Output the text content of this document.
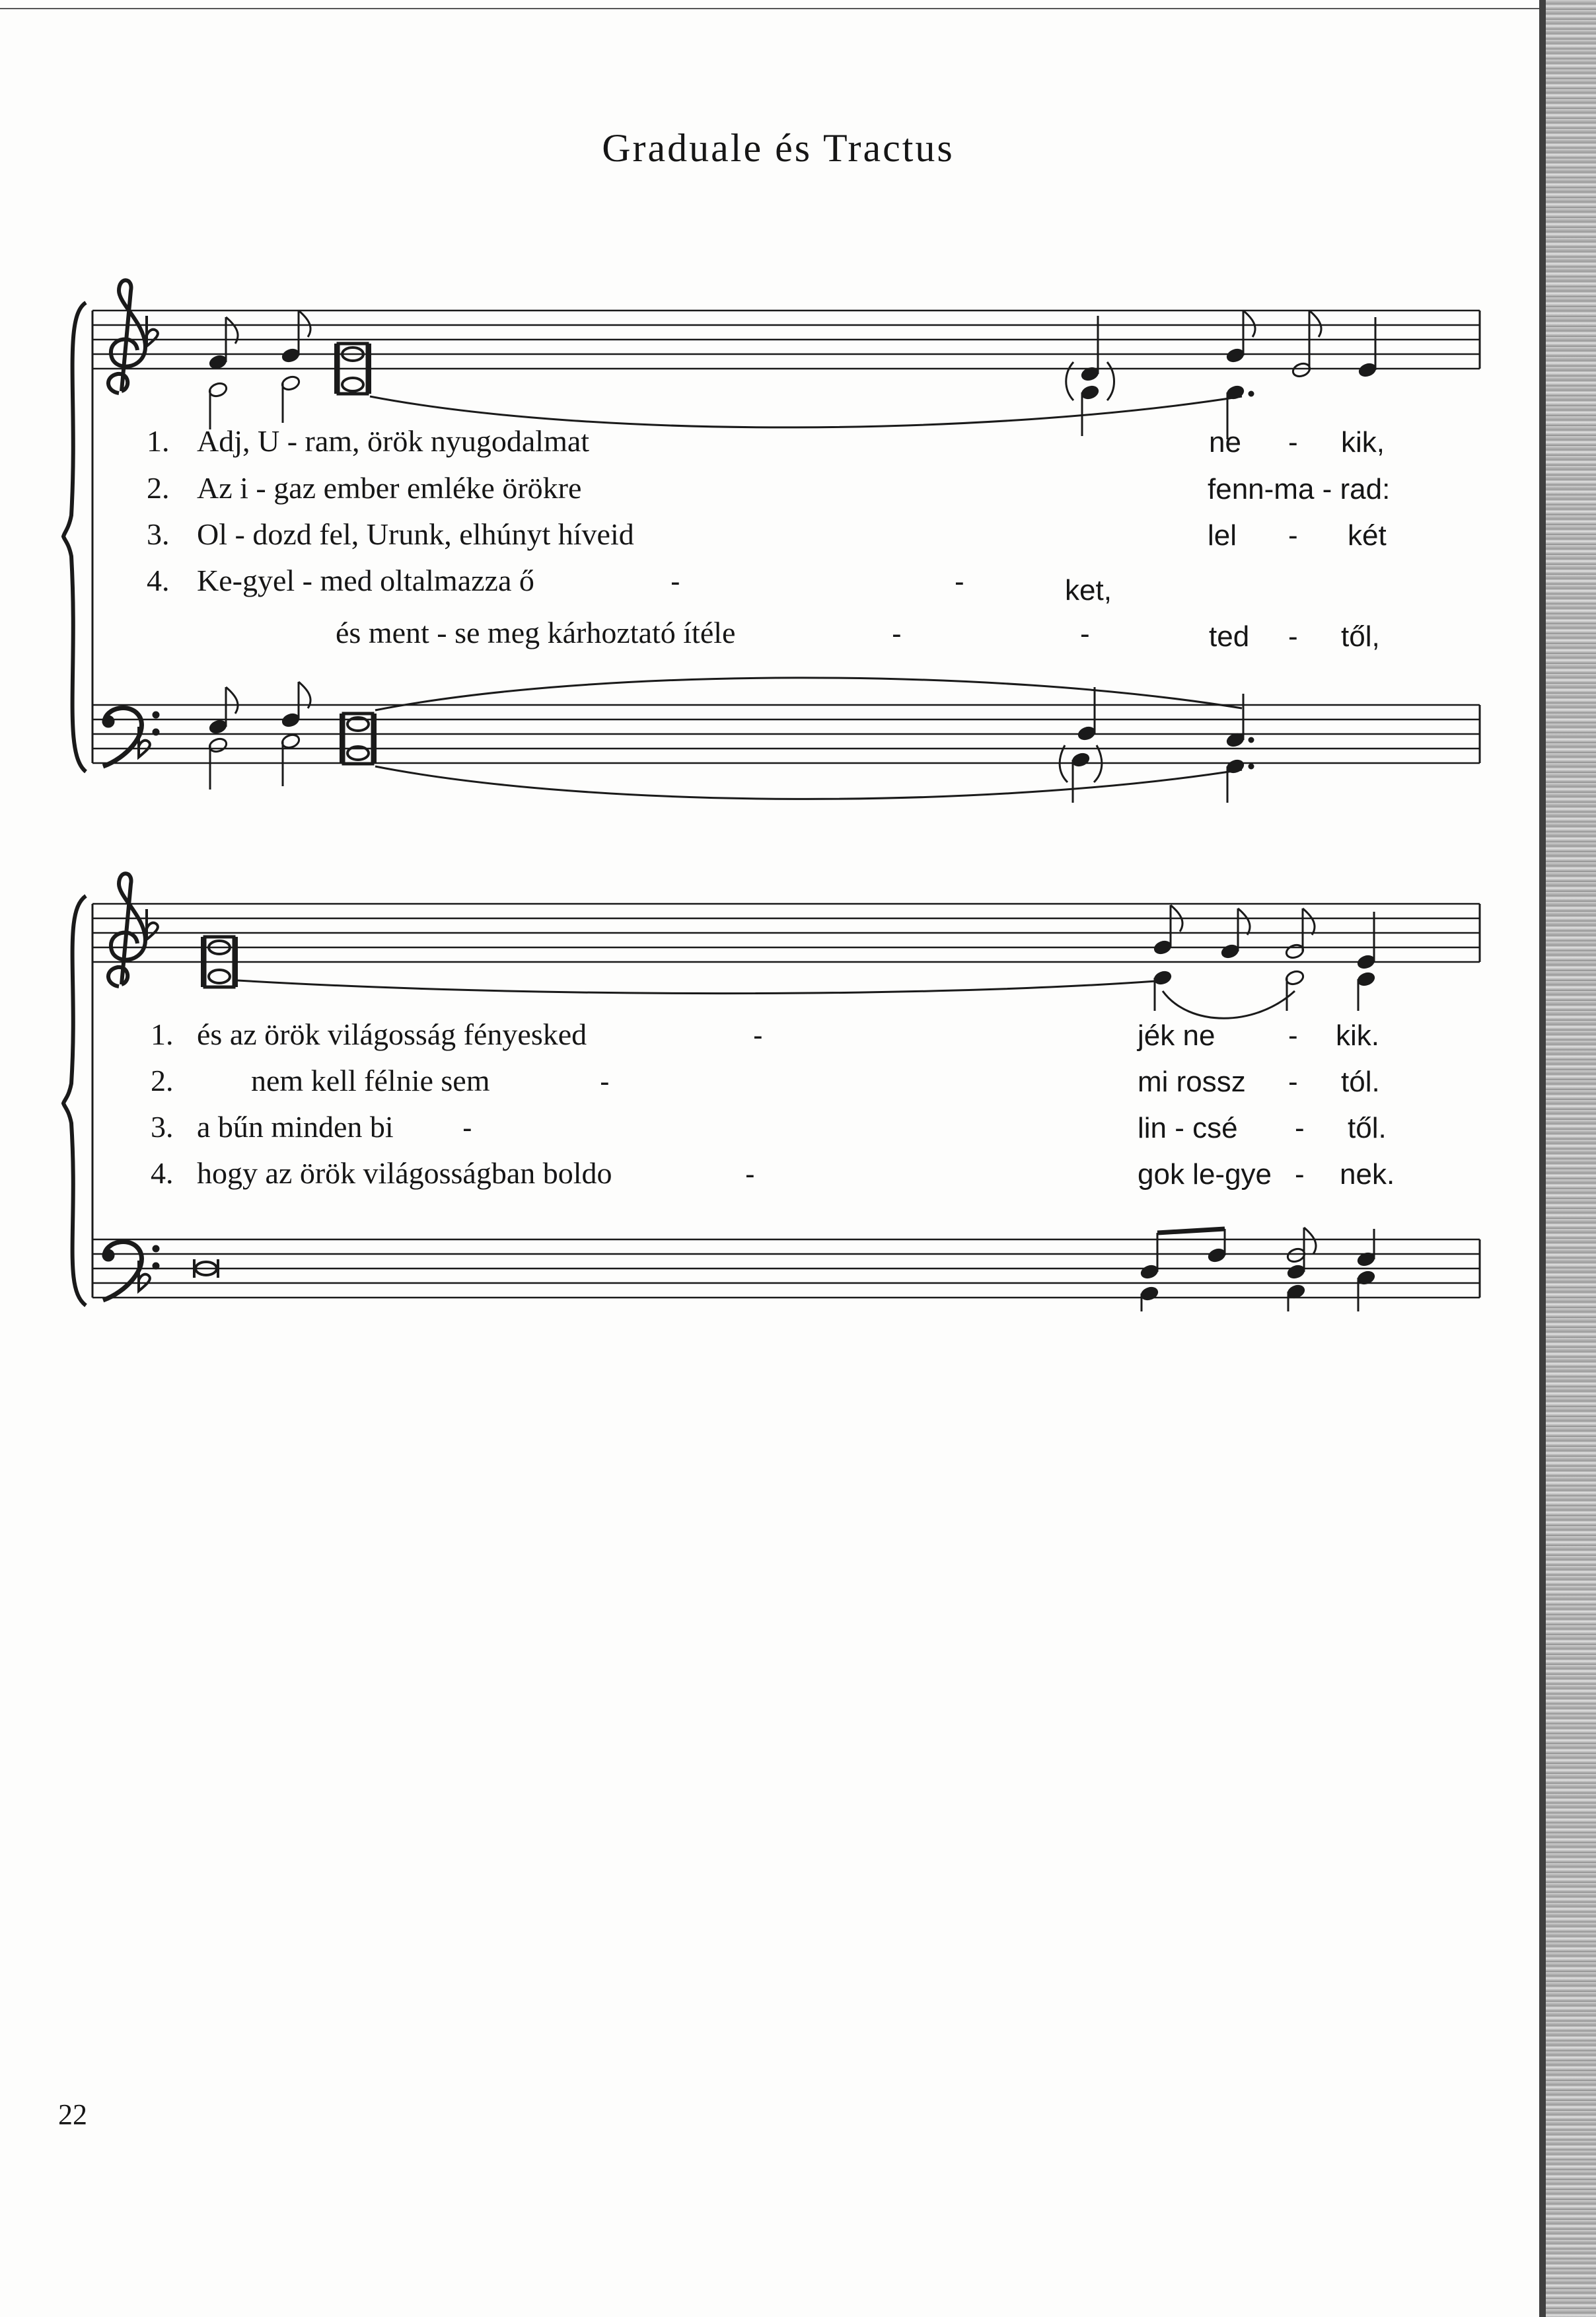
Graduale és Tractus
1. Adj, U - ram, örök nyugodalmat	ne - kik,
2. Az i - gaz ember emléke örökre	fenn-ma - rad:
3. Ol - dozd fel, Urunk, elhúnyt híveid	lel - két
4. Ke-gyel - med oltalmazza ő	-	-	ket,
és ment - se meg kárhoztató ítéle	-	-	ted - től,
1. és az örök világosság fényesked	-	jék ne	- kik.
2.	nem kell félnie sem	-	mi rossz - tól.
3. a bűn minden bi -	lin - csé - től.
4. hogy az örök világosságban boldo	-	gok le-gye - nek.
22
